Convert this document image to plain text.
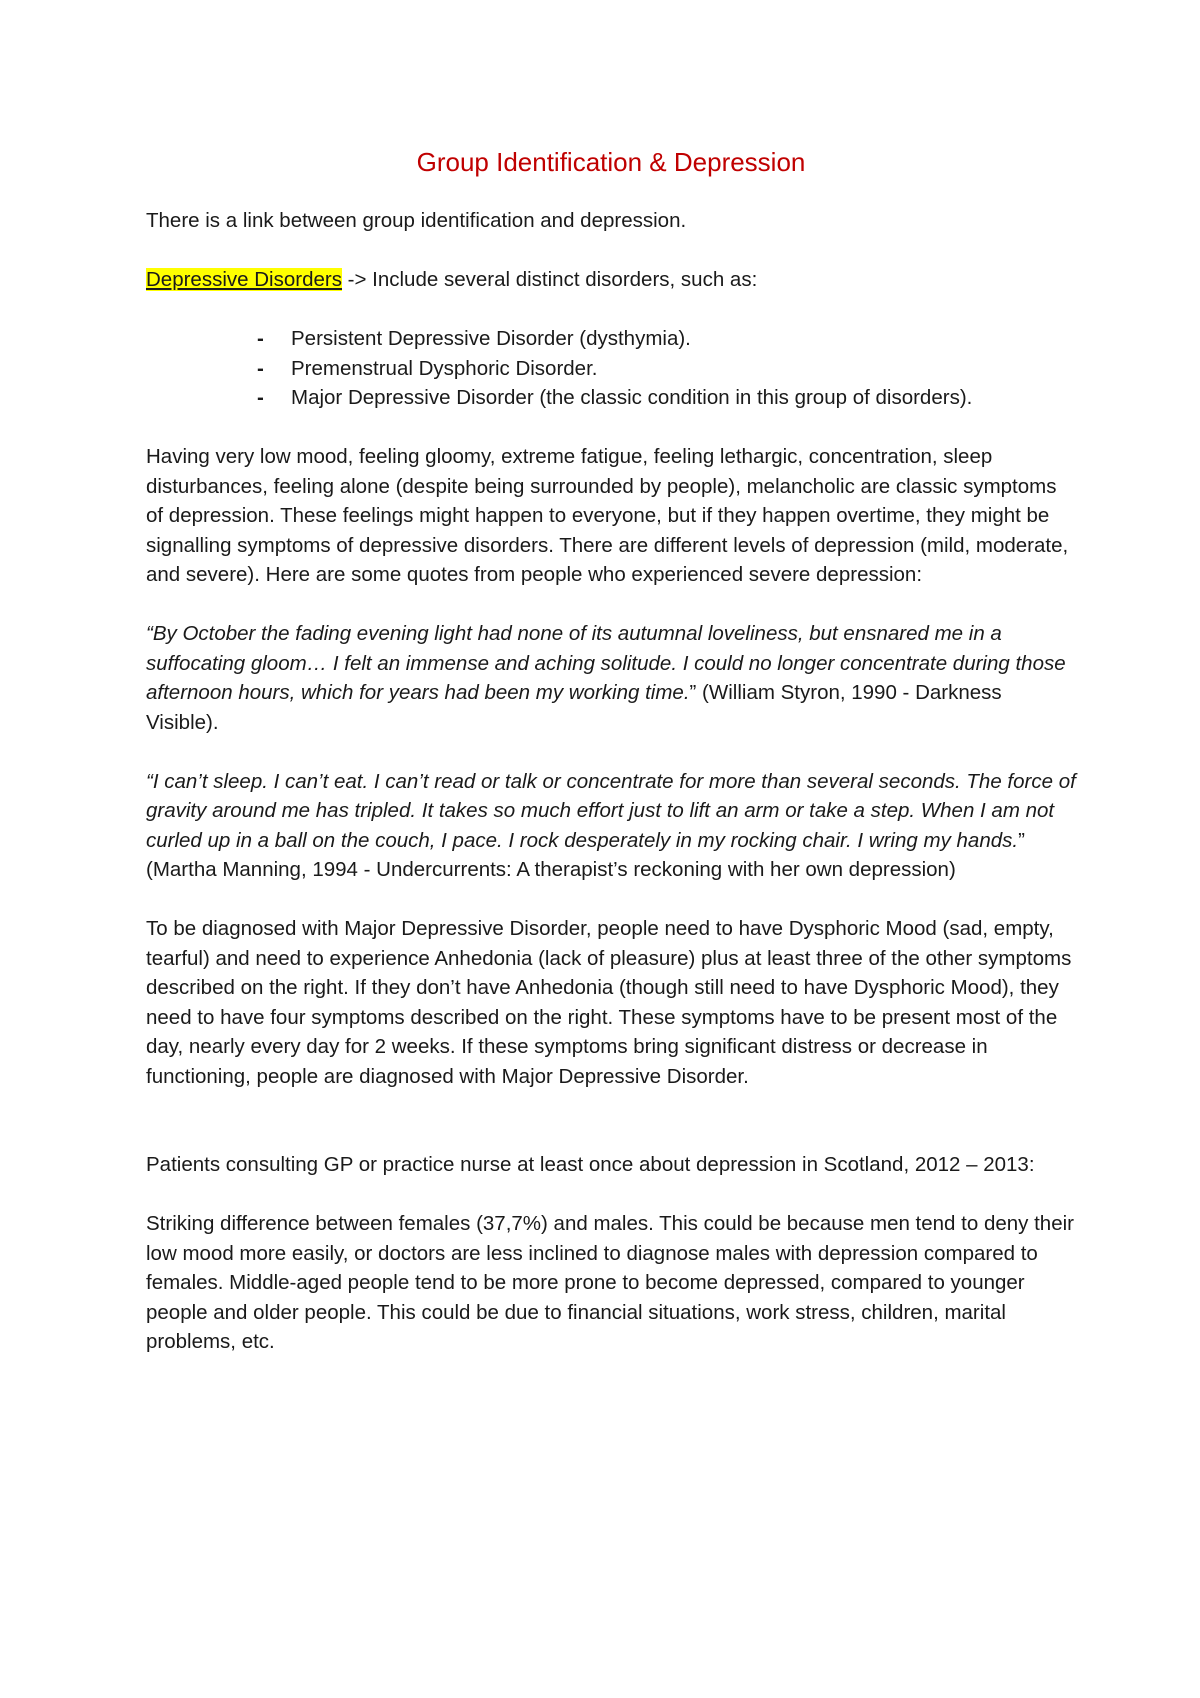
Group Identification & Depression

There is a link between group identification and depression.

Depressive Disorders -> Include several distinct disorders, such as:

- Persistent Depressive Disorder (dysthymia).
- Premenstrual Dysphoric Disorder.
- Major Depressive Disorder (the classic condition in this group of disorders).

Having very low mood, feeling gloomy, extreme fatigue, feeling lethargic, concentration, sleep disturbances, feeling alone (despite being surrounded by people), melancholic are classic symptoms of depression. These feelings might happen to everyone, but if they happen overtime, they might be signalling symptoms of depressive disorders. There are different levels of depression (mild, moderate, and severe). Here are some quotes from people who experienced severe depression:

“By October the fading evening light had none of its autumnal loveliness, but ensnared me in a suffocating gloom… I felt an immense and aching solitude. I could no longer concentrate during those afternoon hours, which for years had been my working time.” (William Styron, 1990 - Darkness Visible).

“I can’t sleep. I can’t eat. I can’t read or talk or concentrate for more than several seconds. The force of gravity around me has tripled. It takes so much effort just to lift an arm or take a step. When I am not curled up in a ball on the couch, I pace. I rock desperately in my rocking chair. I wring my hands.” (Martha Manning, 1994 - Undercurrents: A therapist’s reckoning with her own depression)

To be diagnosed with Major Depressive Disorder, people need to have Dysphoric Mood (sad, empty, tearful) and need to experience Anhedonia (lack of pleasure) plus at least three of the other symptoms described on the right. If they don’t have Anhedonia (though still need to have Dysphoric Mood), they need to have four symptoms described on the right. These symptoms have to be present most of the day, nearly every day for 2 weeks. If these symptoms bring significant distress or decrease in functioning, people are diagnosed with Major Depressive Disorder.

Patients consulting GP or practice nurse at least once about depression in Scotland, 2012 – 2013:

Striking difference between females (37,7%) and males. This could be because men tend to deny their low mood more easily, or doctors are less inclined to diagnose males with depression compared to females. Middle-aged people tend to be more prone to become depressed, compared to younger people and older people. This could be due to financial situations, work stress, children, marital problems, etc.
